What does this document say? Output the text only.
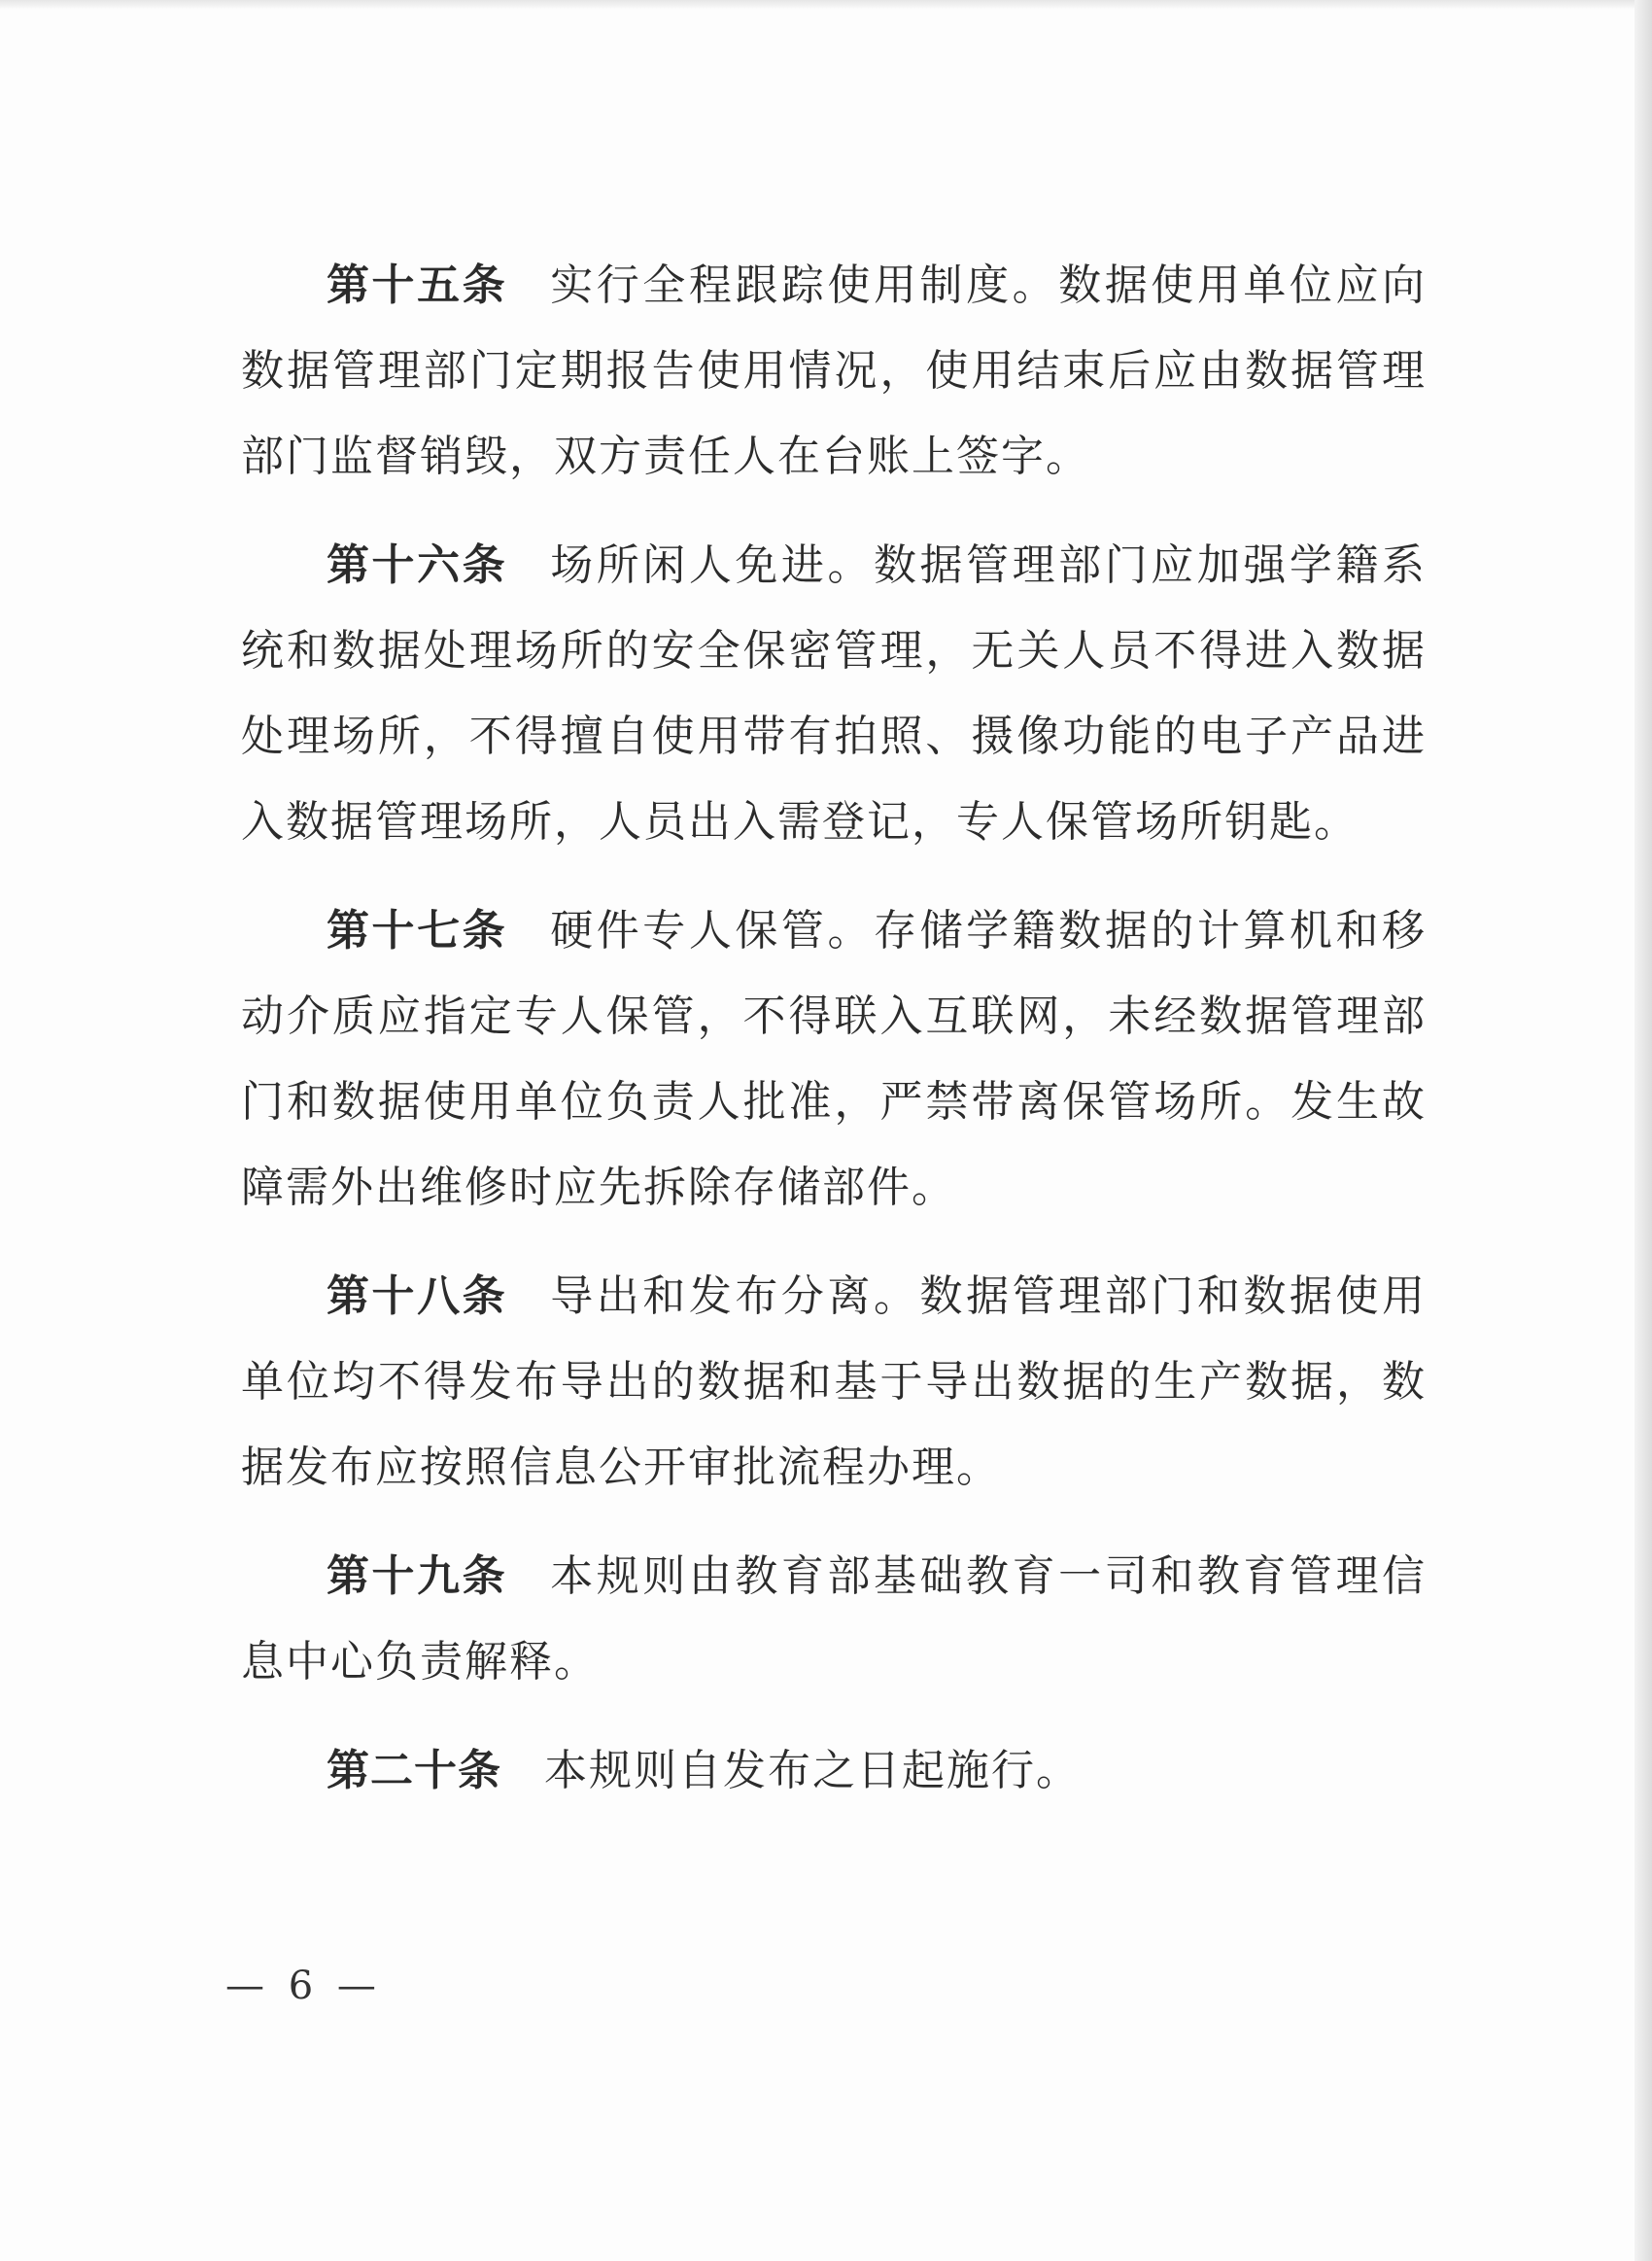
第十五条 实行全程跟踪使用制度。数据使用单位应向数据管理部门定期报告使用情况，使用结束后应由数据管理部门监督销毁，双方责任人在台账上签字。

第十六条 场所闲人免进。数据管理部门应加强学籍系统和数据处理场所的安全保密管理，无关人员不得进入数据处理场所，不得擅自使用带有拍照、摄像功能的电子产品进入数据管理场所，人员出入需登记，专人保管场所钥匙。

第十七条 硬件专人保管。存储学籍数据的计算机和移动介质应指定专人保管，不得联入互联网，未经数据管理部门和数据使用单位负责人批准，严禁带离保管场所。发生故障需外出维修时应先拆除存储部件。

第十八条 导出和发布分离。数据管理部门和数据使用单位均不得发布导出的数据和基于导出数据的生产数据，数据发布应按照信息公开审批流程办理。

第十九条 本规则由教育部基础教育一司和教育管理信息中心负责解释。

第二十条 本规则自发布之日起施行。

— 6 —
